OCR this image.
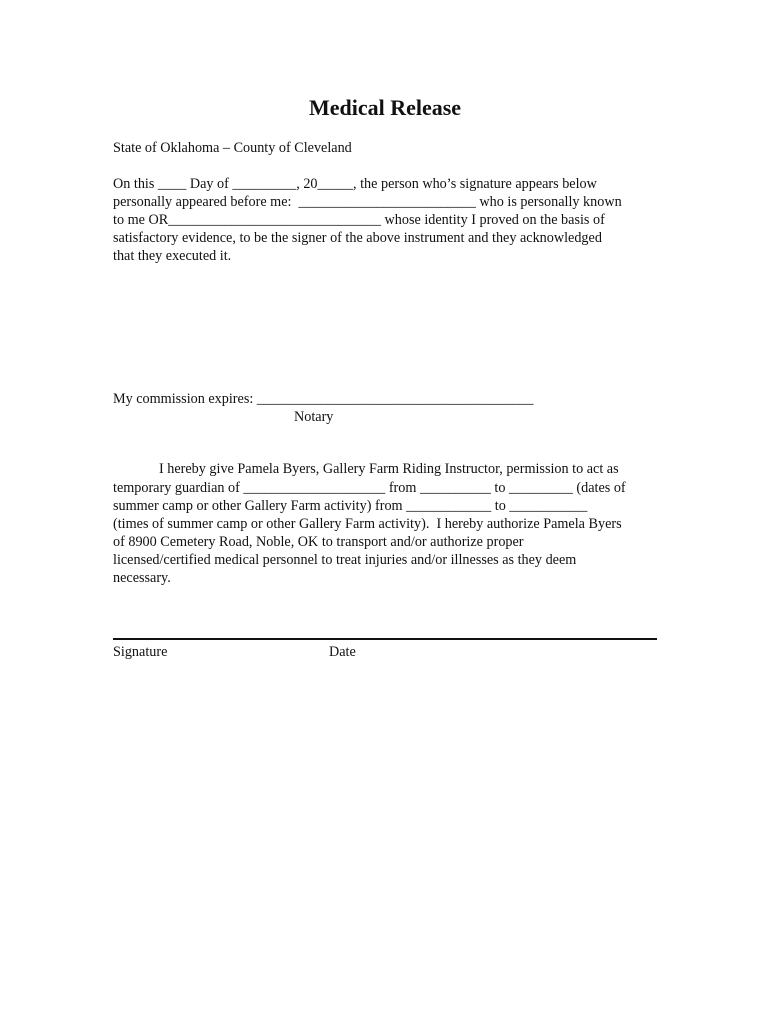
Medical Release
State of Oklahoma – County of Cleveland
On this ____ Day of _________, 20_____, the person who’s signature appears below
personally appeared before me:  _________________________ who is personally known
to me OR______________________________ whose identity I proved on the basis of
satisfactory evidence, to be the signer of the above instrument and they acknowledged
that they executed it.
My commission expires: _______________________________________
Notary
I hereby give Pamela Byers, Gallery Farm Riding Instructor, permission to act as
temporary guardian of ____________________ from __________ to _________ (dates of
summer camp or other Gallery Farm activity) from ____________ to ___________
(times of summer camp or other Gallery Farm activity).  I hereby authorize Pamela Byers
of 8900 Cemetery Road, Noble, OK to transport and/or authorize proper
licensed/certified medical personnel to treat injuries and/or illnesses as they deem
necessary.
Signature	Date
